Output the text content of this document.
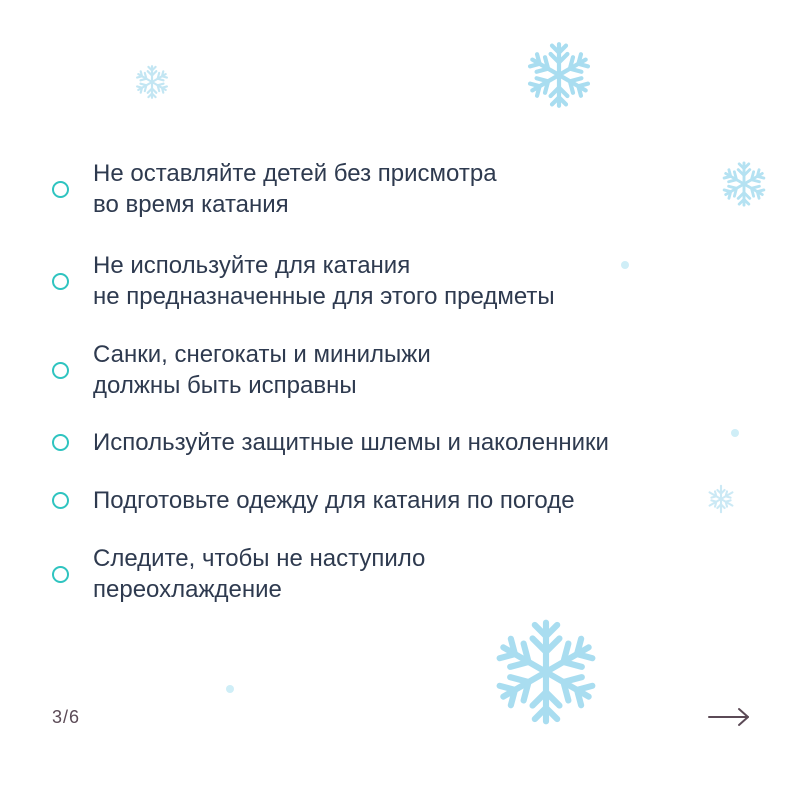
Не оставляйте детей без присмотра
во время катания
Не используйте для катания
не предназначенные для этого предметы
Санки, снегокаты и минилыжи
должны быть исправны
Используйте защитные шлемы и наколенники
Подготовьте одежду для катания по погоде
Следите, чтобы не наступило
переохлаждение
3/6
